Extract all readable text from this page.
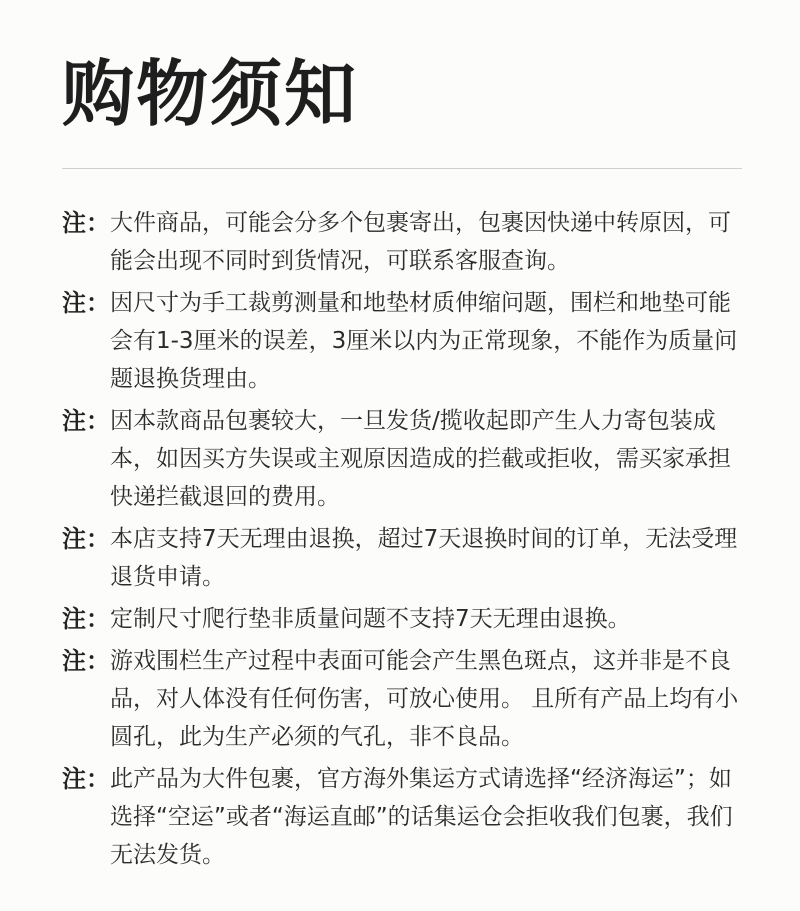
购物须知
注： 大件商品，可能会分多个包裹寄出，包裹因快递中转原因，可能会出现不同时到货情况，可联系客服查询。
注： 因尺寸为手工裁剪测量和地垫材质伸缩问题，围栏和地垫可能会有1-3厘米的误差，3厘米以内为正常现象，不能作为质量问题退换货理由。
注： 因本款商品包裹较大，一旦发货/揽收起即产生人力寄包装成本，如因买方失误或主观原因造成的拦截或拒收，需买家承担快递拦截退回的费用。
注： 本店支持7天无理由退换，超过7天退换时间的订单，无法受理退货申请。
注： 定制尺寸爬行垫非质量问题不支持7天无理由退换。
注： 游戏围栏生产过程中表面可能会产生黑色斑点，这并非是不良品，对人体没有任何伤害，可放心使用。 且所有产品上均有小圆孔，此为生产必须的气孔，非不良品。
注： 此产品为大件包裹，官方海外集运方式请选择“经济海运”；如选择“空运”或者“海运直邮”的话集运仓会拒收我们包裹，我们无法发货。
